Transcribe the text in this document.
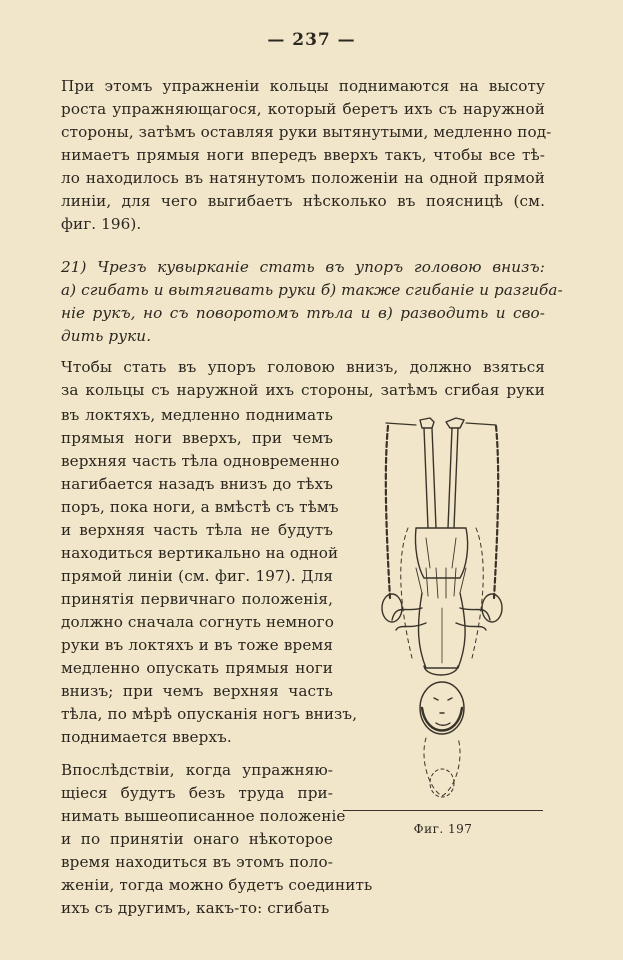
— 237 —
При этомъ упражненіи кольцы поднимаются на высоту
роста упражняющагося, который беретъ ихъ съ наружной
стороны, затѣмъ оставляя руки вытянутыми, медленно под-
нимаетъ прямыя ноги впередъ вверхъ такъ, чтобы все тѣ-
ло находилось въ натянутомъ положеніи на одной прямой
линіи, для чего выгибаетъ нѣсколько въ поясницѣ (см.
фиг. 196).
21) Чрезъ кувырканіе стать въ упоръ головою внизъ:
а) сгибать и вытягивать руки б) также сгибаніе и разгиба-
ніе рукъ, но съ поворотомъ тѣла и в) разводить и сво-
дить руки.
Чтобы стать въ упоръ головою внизъ, должно взяться
за кольцы съ наружной ихъ стороны, затѣмъ сгибая руки
въ локтяхъ, медленно поднимать
прямыя ноги вверхъ, при чемъ
верхняя часть тѣла одновременно
нагибается назадъ внизъ до тѣхъ
поръ, пока ноги, а вмѣстѣ съ тѣмъ
и верхняя часть тѣла не будутъ
находиться вертикально на одной
прямой линіи (см. фиг. 197). Для
принятія первичнаго положенія,
должно сначала согнуть немного
руки въ локтяхъ и въ тоже время
медленно опускать прямыя ноги
внизъ; при чемъ верхняя часть
тѣла, по мѣрѣ опусканія ногъ внизъ,
поднимается вверхъ.
Впослѣдствіи, когда упражняю-
щіеся будутъ безъ труда при-
нимать вышеописанное положеніе
и по принятіи онаго нѣкоторое
время находиться въ этомъ поло-
женіи, тогда можно будетъ соединить
ихъ съ другимъ, какъ-то: сгибать
Фиг. 197
